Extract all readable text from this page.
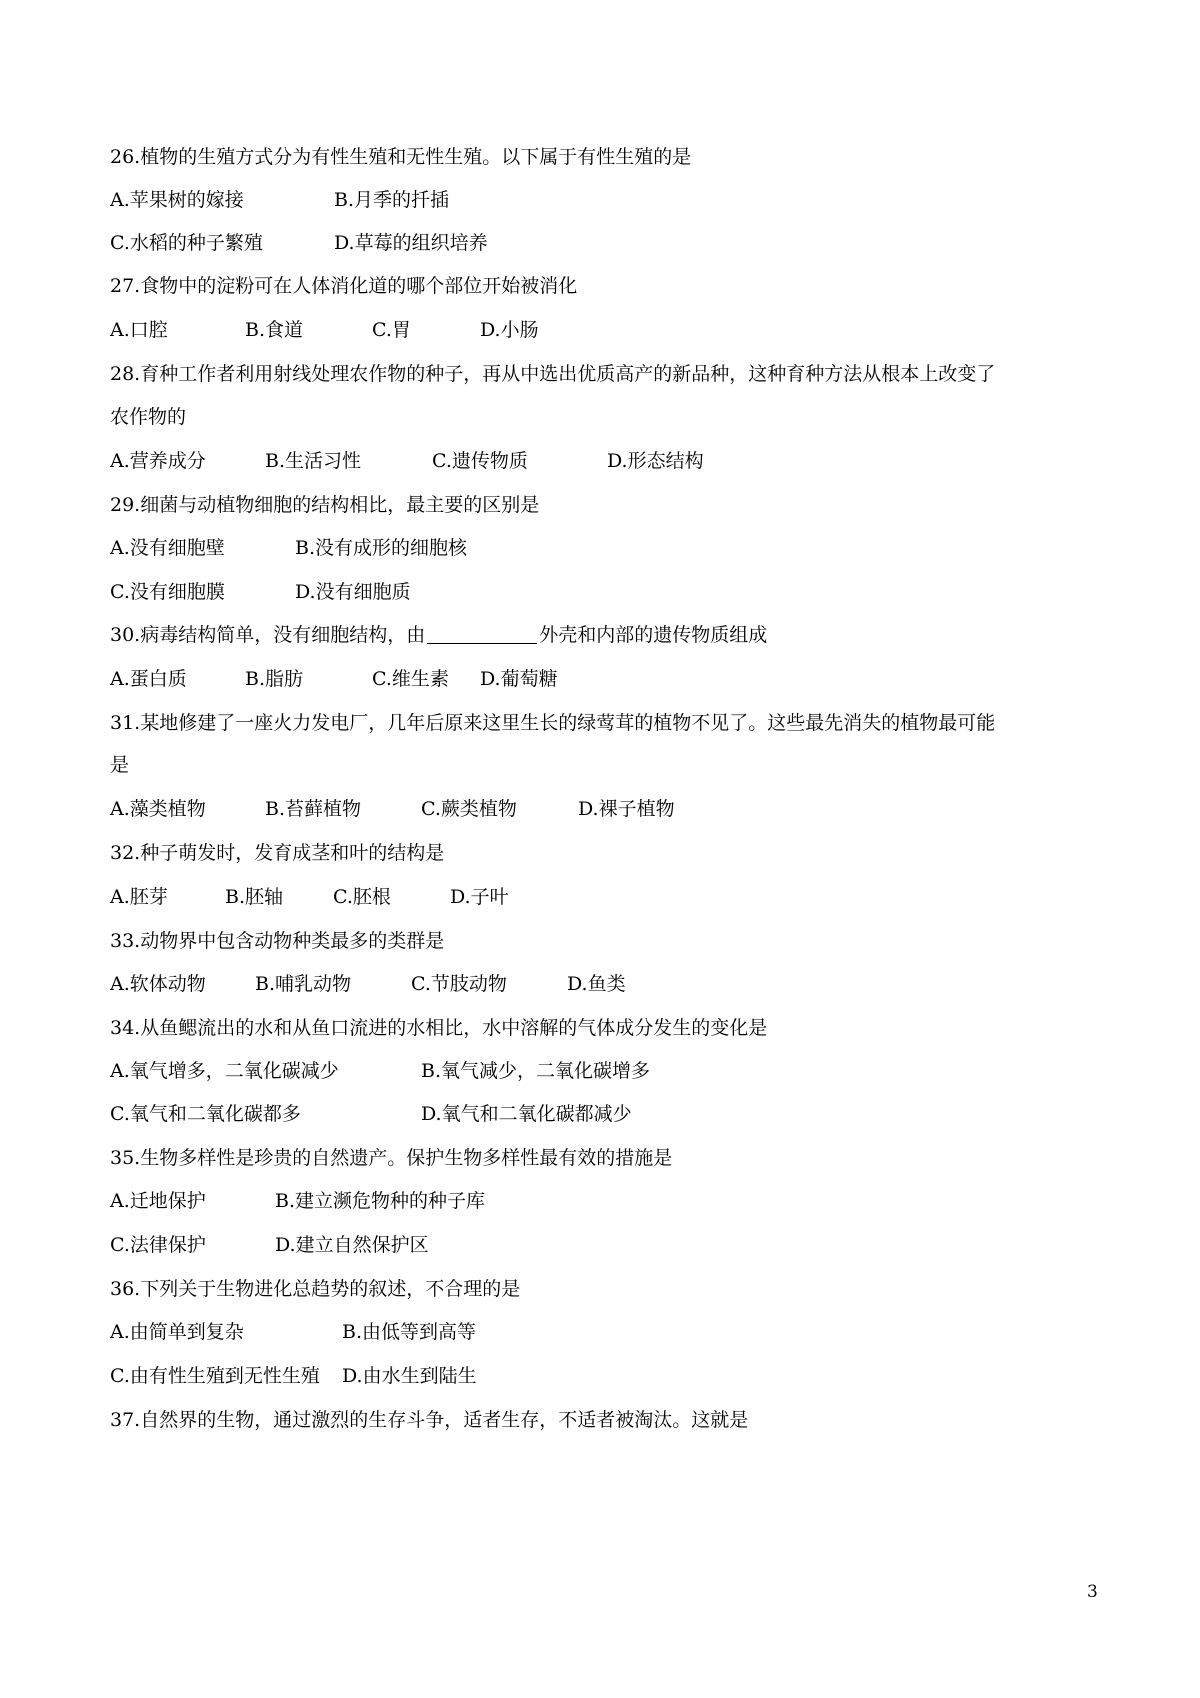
26.植物的生殖方式分为有性生殖和无性生殖。以下属于有性生殖的是
A.苹果树的嫁接	B.月季的扦插
C.水稻的种子繁殖	D.草莓的组织培养
27.食物中的淀粉可在人体消化道的哪个部位开始被消化
A.口腔	B.食道	C.胃	D.小肠
28.育种工作者利用射线处理农作物的种子，再从中选出优质高产的新品种，这种育种方法从根本上改变了
农作物的
A.营养成分	B.生活习性	C.遗传物质	D.形态结构
29.细菌与动植物细胞的结构相比，最主要的区别是
A.没有细胞壁	B.没有成形的细胞核
C.没有细胞膜	D.没有细胞质
30.病毒结构简单，没有细胞结构，由	外壳和内部的遗传物质组成
A.蛋白质	B.脂肪	C.维生素 D.葡萄糖
31.某地修建了一座火力发电厂，几年后原来这里生长的绿莺茸的植物不见了。这些最先消失的植物最可能
是
A.藻类植物	B.苔藓植物	C.蕨类植物	D.裸子植物
32.种子萌发时，发育成茎和叶的结构是
A.胚芽	B.胚轴	C.胚根	D.子叶
33.动物界中包含动物种类最多的类群是
A.软体动物	B.哺乳动物	C.节肢动物	D.鱼类
34.从鱼鳃流出的水和从鱼口流进的水相比，水中溶解的气体成分发生的变化是
A.氧气增多，二氧化碳减少	B.氧气减少，二氧化碳增多
C.氧气和二氧化碳都多	D.氧气和二氧化碳都减少
35.生物多样性是珍贵的自然遗产。保护生物多样性最有效的措施是
A.迁地保护	B.建立濒危物种的种子库
C.法律保护	D.建立自然保护区
36.下列关于生物进化总趋势的叙述，不合理的是
A.由简单到复杂	B.由低等到高等
C.由有性生殖到无性生殖 D.由水生到陆生
37.自然界的生物，通过激烈的生存斗争，适者生存，不适者被淘汰。这就是
3
